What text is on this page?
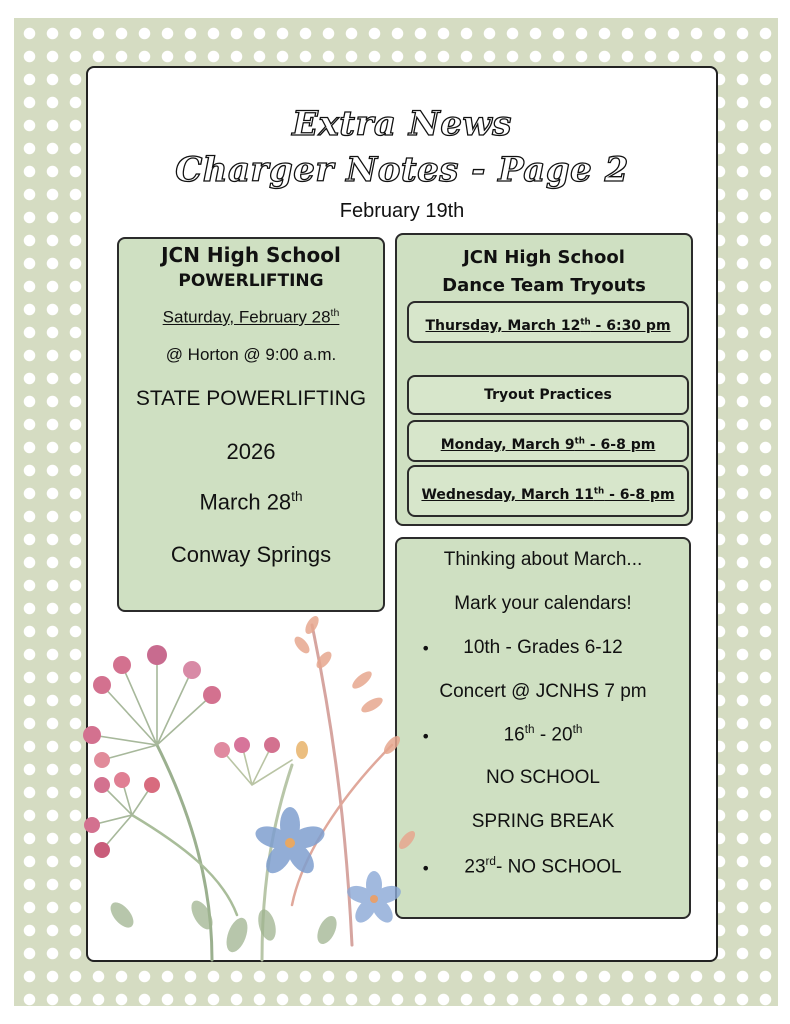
Extra News
Charger Notes - Page 2
February 19th
JCN High School
POWERLIFTING
Saturday, February 28th
@ Horton @ 9:00 a.m.
STATE POWERLIFTING
2026
March 28th
Conway Springs
JCN High School
Dance Team Tryouts
Thursday, March 12th - 6:30 pm
Tryout Practices
Monday, March 9th - 6-8 pm
Wednesday, March 11th - 6-8 pm
Thinking about March...
Mark your calendars!
•	10th - Grades 6-12
Concert @ JCNHS 7 pm
•	16th - 20th
NO SCHOOL
SPRING BREAK
•	23rd- NO SCHOOL
